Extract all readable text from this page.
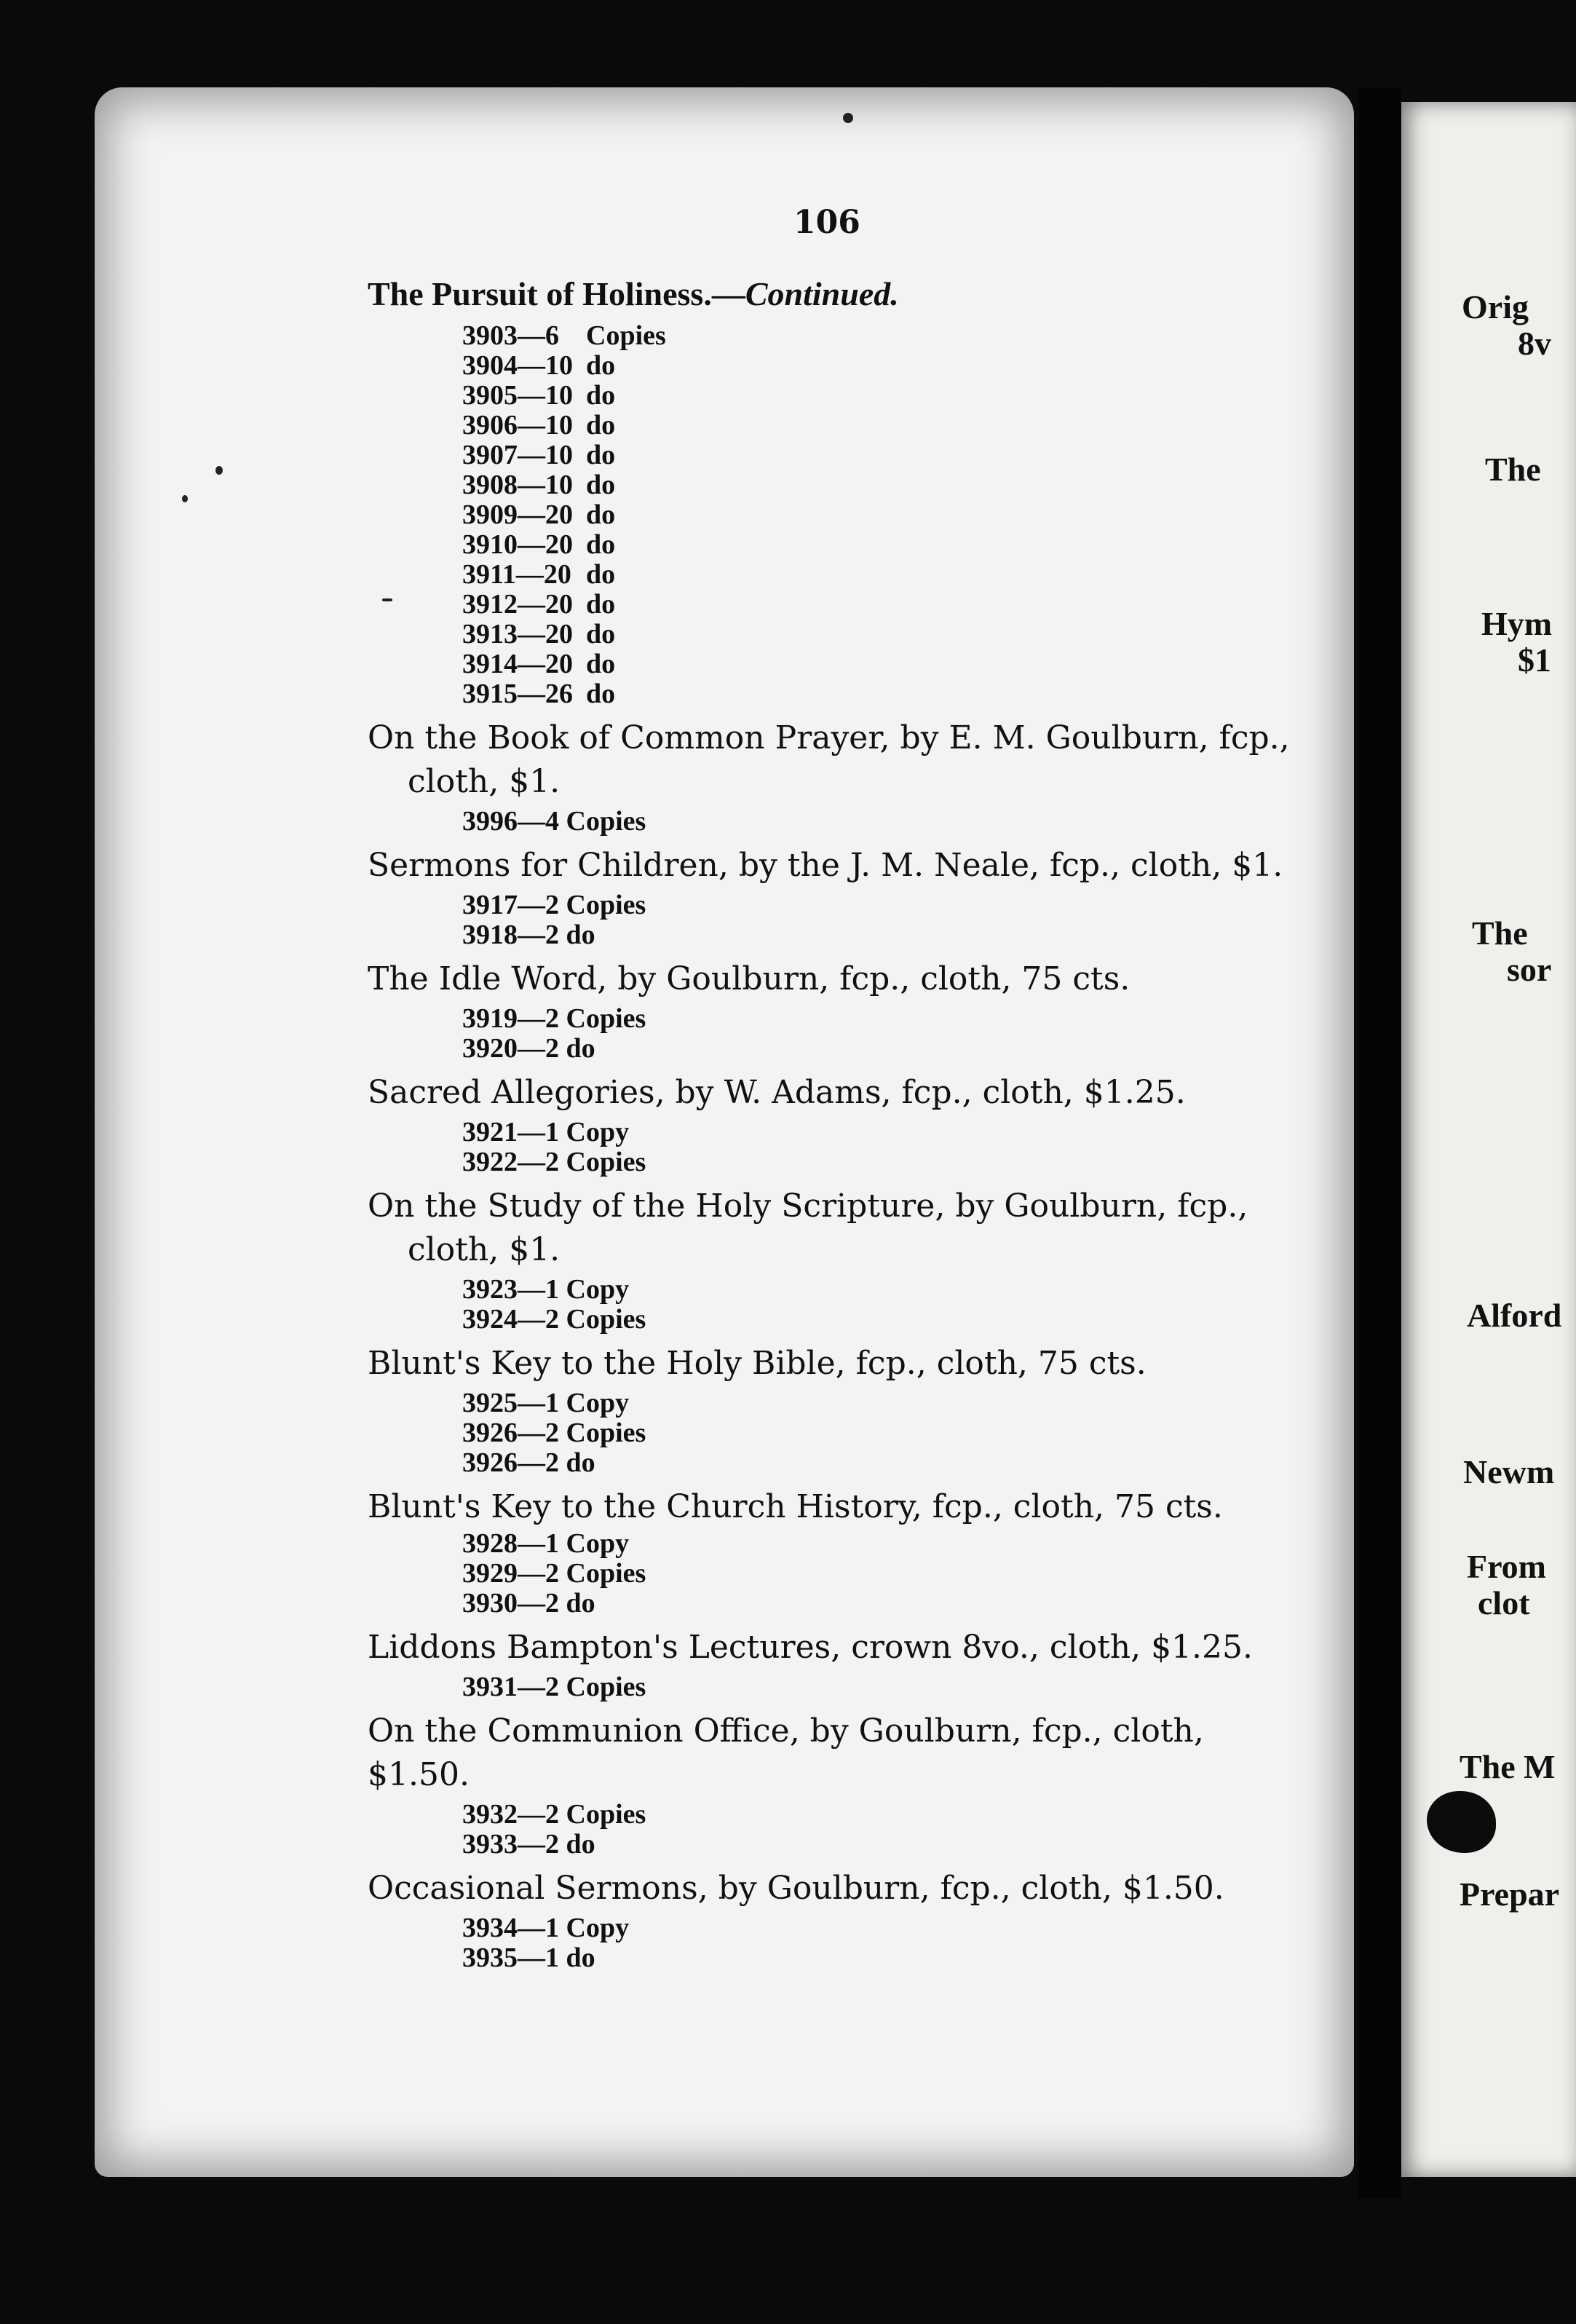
Orig
8v
The
Hym
$1
The
sor
Alford
Newm
From
clot
The M
Prepar
106

The Pursuit of Holiness.—Continued.

3903—6 Copies
3904—10 do
3905—10 do
3906—10 do
3907—10 do
3908—10 do
3909—20 do
3910—20 do
3911—20 do
3912—20 do
3913—20 do
3914—20 do
3915—26 do

On the Book of Common Prayer, by E. M. Goulburn, fcp.,
cloth, $1.

3996—4 Copies

Sermons for Children, by the J. M. Neale, fcp., cloth, $1.

3917—2 Copies
3918—2 do

The Idle Word, by Goulburn, fcp., cloth, 75 cts.

3919—2 Copies
3920—2 do

Sacred Allegories, by W. Adams, fcp., cloth, $1.25.

3921—1 Copy
3922—2 Copies

On the Study of the Holy Scripture, by Goulburn, fcp.,
cloth, $1.

3923—1 Copy
3924—2 Copies

Blunt's Key to the Holy Bible, fcp., cloth, 75 cts.

3925—1 Copy
3926—2 Copies
3926—2 do

Blunt's Key to the Church History, fcp., cloth, 75 cts.

3928—1 Copy
3929—2 Copies
3930—2 do

Liddons Bampton's Lectures, crown 8vo., cloth, $1.25.

3931—2 Copies

On the Communion Office, by Goulburn, fcp., cloth, $1.50.

3932—2 Copies
3933—2 do

Occasional Sermons, by Goulburn, fcp., cloth, $1.50.

3934—1 Copy
3935—1 do
